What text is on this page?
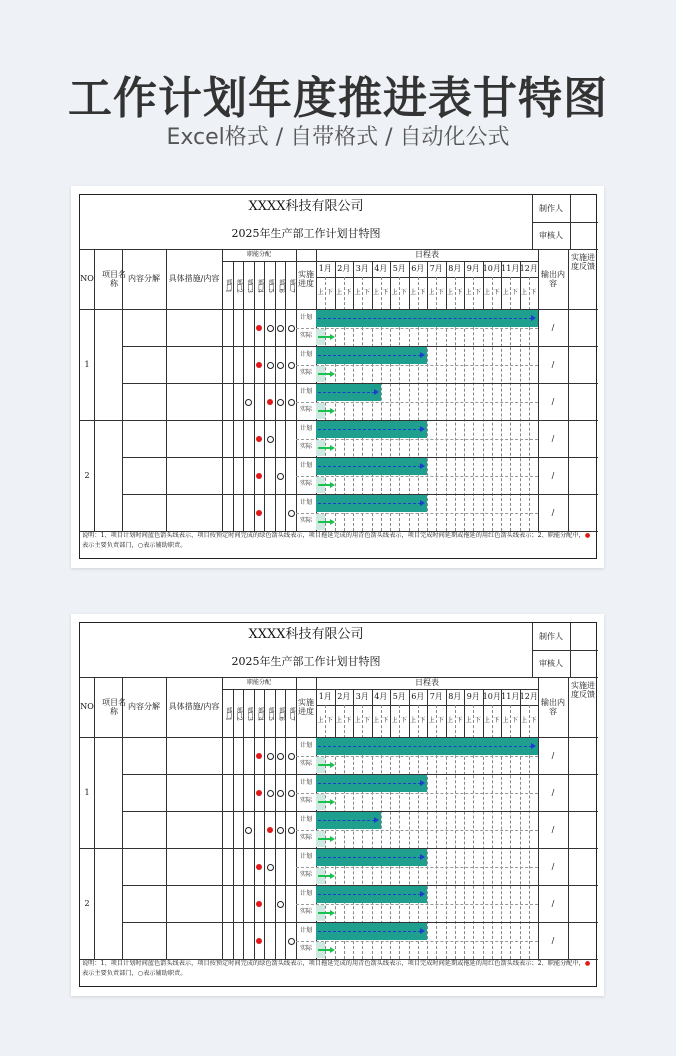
工作计划年度推进表甘特图
Excel格式 / 自带格式 / 自动化公式
XXXX科技有限公司
2025年生产部工作计划甘特图
制作人
审核人
NO
项目名称
内容分解	具体措施/内容
职能分配
实施进度
日程表
输出内容
实施进度反馈
部门1 部门2 部门3 部门4 部门5 部门6 部门7
1月
上 下
2月
上 下
3月
上 下
4月
上 下
5月
上 下
6月
上 下
7月
上 下
8月
上 下
9月
上 下
10月
上 下
11月
上 下
12月
上 下
1
计划
实际
/
计划
实际
/
计划
实际
/
2
计划
实际
/
计划
实际
/
计划
实际
/
说明：1、项目计划时间蓝色箭头线表示，项目按预定时间完成的绿色箭头线表示，项目拖延完成的用青色箭头线表示，项目完成时间延期或拖延的用红色箭头线表示；2、职能分配中，●表示主要负责部门，○表示辅助职责。
XXXX科技有限公司
2025年生产部工作计划甘特图
制作人
审核人
NO
项目名称
内容分解	具体措施/内容
职能分配
实施进度
日程表
输出内容
实施进度反馈
部门1 部门2 部门3 部门4 部门5 部门6 部门7
1月
上 下
2月
上 下
3月
上 下
4月
上 下
5月
上 下
6月
上 下
7月
上 下
8月
上 下
9月
上 下
10月
上 下
11月
上 下
12月
上 下
1
计划
实际
/
计划
实际
/
计划
实际
/
2
计划
实际
/
计划
实际
/
计划
实际
/
说明：1、项目计划时间蓝色箭头线表示，项目按预定时间完成的绿色箭头线表示，项目拖延完成的用青色箭头线表示，项目完成时间延期或拖延的用红色箭头线表示；2、职能分配中，●表示主要负责部门，○表示辅助职责。
